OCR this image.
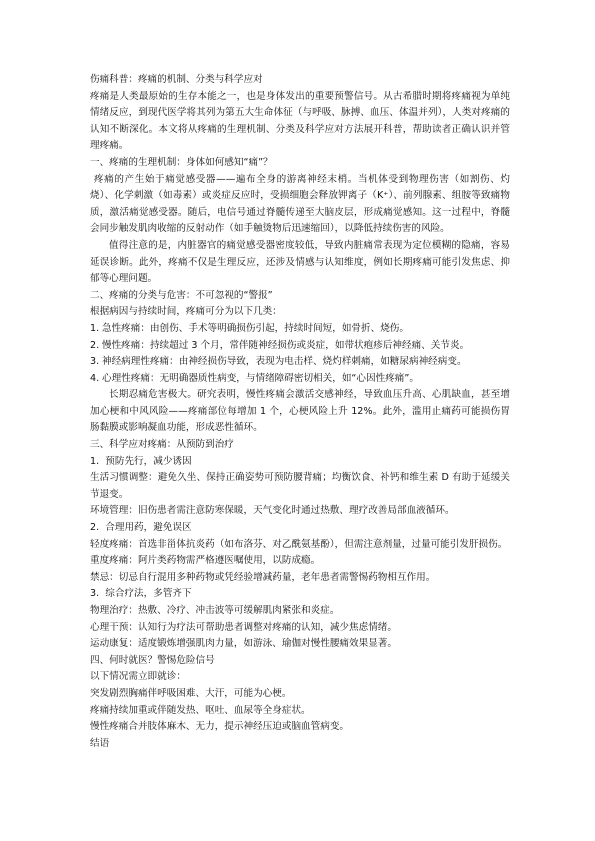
伤痛科普：疼痛的机制、分类与科学应对

疼痛是人类最原始的生存本能之一，也是身体发出的重要预警信号。从古希腊时期将疼痛视为单纯情绪反应，到现代医学将其列为第五大生命体征（与呼吸、脉搏、血压、体温并列），人类对疼痛的认知不断深化。本文将从疼痛的生理机制、分类及科学应对方法展开科普，帮助读者正确认识并管理疼痛。

一、疼痛的生理机制：身体如何感知“痛”？

疼痛的产生始于痛觉感受器——遍布全身的游离神经末梢。当机体受到物理伤害（如割伤、灼烧）、化学刺激（如毒素）或炎症反应时，受损细胞会释放钾离子（K⁺）、前列腺素、组胺等致痛物质，激活痛觉感受器。随后，电信号通过脊髓传递至大脑皮层，形成痛觉感知。这一过程中，脊髓会同步触发肌肉收缩的反射动作（如手触烫物后迅速缩回），以降低持续伤害的风险。

值得注意的是，内脏器官的痛觉感受器密度较低，导致内脏痛常表现为定位模糊的隐痛，容易延误诊断。此外，疼痛不仅是生理反应，还涉及情感与认知维度，例如长期疼痛可能引发焦虑、抑郁等心理问题。

二、疼痛的分类与危害：不可忽视的“警报”

根据病因与持续时间，疼痛可分为以下几类：

1. 急性疼痛：由创伤、手术等明确损伤引起，持续时间短，如骨折、烧伤。
2. 慢性疼痛：持续超过 3 个月，常伴随神经损伤或炎症，如带状疱疹后神经痛、关节炎。
3. 神经病理性疼痛：由神经损伤导致，表现为电击样、烧灼样刺痛，如糖尿病神经病变。
4. 心理性疼痛：无明确器质性病变，与情绪障碍密切相关，如“心因性疼痛”。

长期忍痛危害极大。研究表明，慢性疼痛会激活交感神经，导致血压升高、心肌缺血，甚至增加心梗和中风风险——疼痛部位每增加 1 个，心梗风险上升 12%。此外，滥用止痛药可能损伤胃肠黏膜或影响凝血功能，形成恶性循环。

三、科学应对疼痛：从预防到治疗

1.  预防先行，减少诱因

生活习惯调整：避免久坐、保持正确姿势可预防腰背痛；均衡饮食、补钙和维生素 D 有助于延缓关节退变。

环境管理：旧伤患者需注意防寒保暖，天气变化时通过热敷、理疗改善局部血液循环。

2.  合理用药，避免误区

轻度疼痛：首选非甾体抗炎药（如布洛芬、对乙酰氨基酚），但需注意剂量，过量可能引发肝损伤。

重度疼痛：阿片类药物需严格遵医嘱使用，以防成瘾。

禁忌：切忌自行混用多种药物或凭经验增减药量，老年患者需警惕药物相互作用。

3.  综合疗法，多管齐下

物理治疗：热敷、冷疗、冲击波等可缓解肌肉紧张和炎症。

心理干预：认知行为疗法可帮助患者调整对疼痛的认知，减少焦虑情绪。

运动康复：适度锻炼增强肌肉力量，如游泳、瑜伽对慢性腰痛效果显著。

四、何时就医？警惕危险信号

以下情况需立即就诊：

突发剧烈胸痛伴呼吸困难、大汗，可能为心梗。

疼痛持续加重或伴随发热、呕吐、血尿等全身症状。

慢性疼痛合并肢体麻木、无力，提示神经压迫或脑血管病变。

结语
